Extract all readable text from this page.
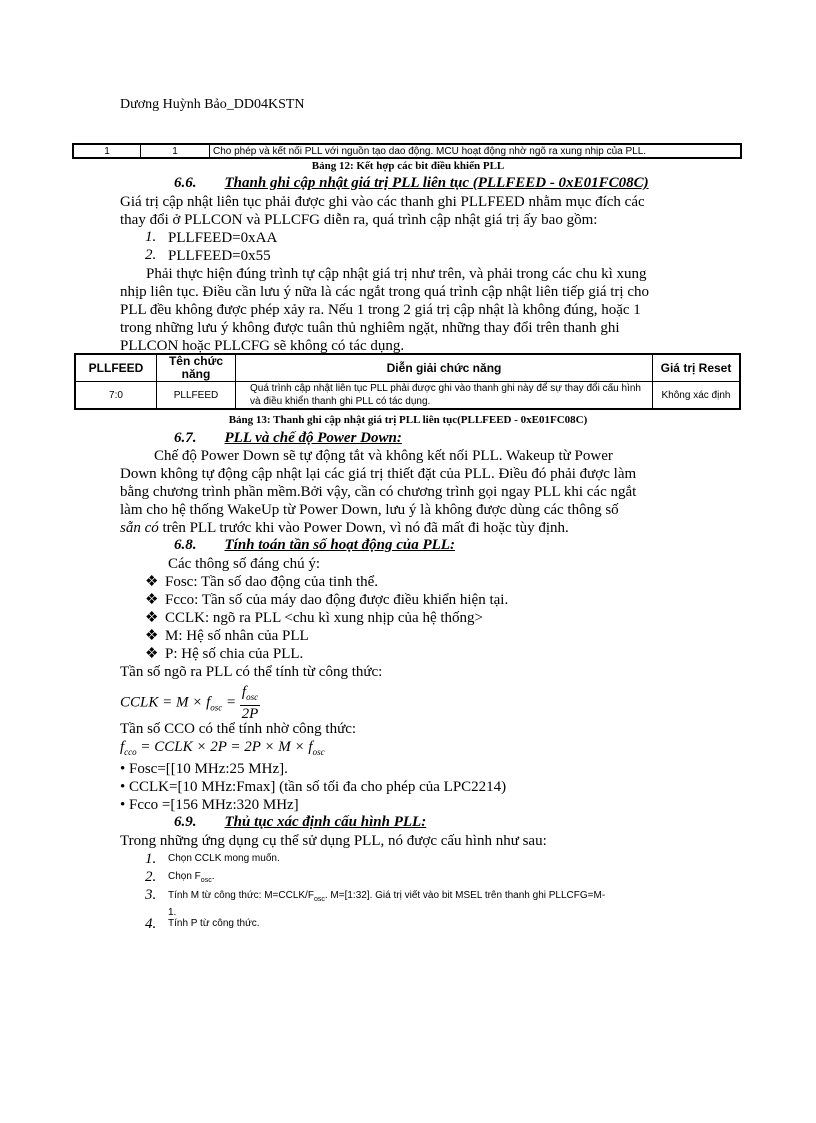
Dương Huỳnh Bảo_DD04KSTN
1	1	Cho phép và kết nối PLL với nguồn tạo dao động. MCU hoạt động nhờ ngõ ra xung nhịp của PLL.
Bảng 12: Kết hợp các bit điều khiển PLL
6.6. Thanh ghi cập nhật giá trị PLL liên tục (PLLFEED - 0xE01FC08C)
Giá trị cập nhật liên tục phải được ghi vào các thanh ghi PLLFEED nhằm mục đích các
thay đổi ở PLLCON và PLLCFG diễn ra, quá trình cập nhật giá trị ấy bao gồm:
1. PLLFEED=0xAA
2. PLLFEED=0x55
Phải thực hiện đúng trình tự cập nhật giá trị như trên, và phải trong các chu kì xung
nhịp liên tục. Điều cần lưu ý nữa là các ngắt trong quá trình cập nhật liên tiếp giá trị cho
PLL đều không được phép xảy ra. Nếu 1 trong 2 giá trị cập nhật là không đúng, hoặc 1
trong những lưu ý không được tuân thủ nghiêm ngặt, những thay đổi trên thanh ghi
PLLCON hoặc PLLCFG sẽ không có tác dụng.
PLLFEED	Tên chức năng	Diễn giải chức năng	Giá trị Reset
7:0	PLLFEED	Quá trình cập nhật liên tục PLL phải được ghi vào thanh ghi này để sự thay đổi cấu hình và điều khiển thanh ghi PLL có tác dụng.	Không xác định
Bảng 13: Thanh ghi cập nhật giá trị PLL liên tục(PLLFEED - 0xE01FC08C)
6.7. PLL và chế độ Power Down:
Chế độ Power Down sẽ tự động tắt và không kết nối PLL. Wakeup từ Power
Down không tự động cập nhật lại các giá trị thiết đặt của PLL. Điều đó phải được làm
bằng chương trình phần mềm.Bởi vậy, cần có chương trình gọi ngay PLL khi các ngắt
làm cho hệ thống WakeUp từ Power Down, lưu ý là không được dùng các thông số
sẵn có trên PLL trước khi vào Power Down, vì nó đã mất đi hoặc tùy định.
6.8. Tính toán tần số hoạt động của PLL:
Các thông số đáng chú ý:
❖ Fosc: Tần số dao động của tinh thể.
❖ Fcco: Tần số của máy dao động được điều khiển hiện tại.
❖ CCLK: ngõ ra PLL <chu kì xung nhịp của hệ thống>
❖ M: Hệ số nhân của PLL
❖ P: Hệ số chia của PLL.
Tần số ngõ ra PLL có thể tính từ công thức:
CCLK = $M \times f_{osc} = \frac{f_{osc}}{2P}$
Tần số CCO có thể tính nhờ công thức:
$f_{cco}$ = CCLK × $2P = 2P \times M \times f_{osc}$
• Fosc=[[10 MHz:25 MHz].
• CCLK=[10 MHz:Fmax] (tần số tối đa cho phép của LPC2214)
• Fcco =[156 MHz:320 MHz]
6.9. Thủ tục xác định cấu hình PLL:
Trong những ứng dụng cụ thể sử dụng PLL, nó được cấu hình như sau:
1. Chọn CCLK mong muốn.
2. Chọn $F_{osc}$.
3. Tính M từ công thức: $M=CCLK/F_{osc}$. M=[1:32]. Giá trị viết vào bit MSEL trên thanh ghi PLLCFG=M-
1.
4. Tính P từ công thức.
